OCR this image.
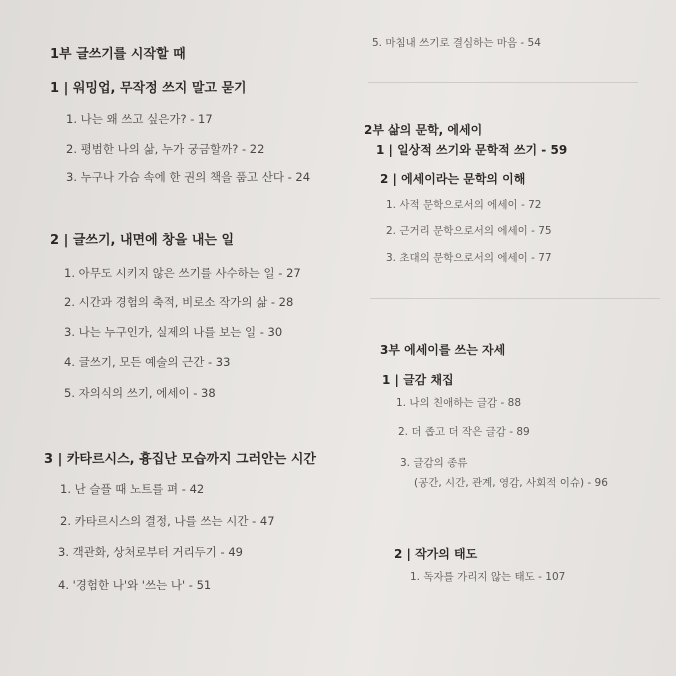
1부 글쓰기를 시작할 때
1 | 워밍업, 무작정 쓰지 말고 묻기
1. 나는 왜 쓰고 싶은가? - 17
2. 평범한 나의 삶, 누가 궁금할까? - 22
3. 누구나 가슴 속에 한 권의 책을 품고 산다 - 24
2 | 글쓰기, 내면에 창을 내는 일
1. 아무도 시키지 않은 쓰기를 사수하는 일 - 27
2. 시간과 경험의 축적, 비로소 작가의 삶 - 28
3. 나는 누구인가, 실제의 나를 보는 일 - 30
4. 글쓰기, 모든 예술의 근간 - 33
5. 자의식의 쓰기, 에세이 - 38
3 | 카타르시스, 흉집난 모습까지 그러안는 시간
1. 난 슬플 때 노트를 펴 - 42
2. 카타르시스의 결정, 나를 쓰는 시간 - 47
3. 객관화, 상처로부터 거리두기 - 49
4. '경험한 나'와 '쓰는 나' - 51
5. 마침내 쓰기로 결심하는 마음 - 54
2부 삶의 문학, 에세이
1 | 일상적 쓰기와 문학적 쓰기 - 59
2 | 에세이라는 문학의 이해
1. 사적 문학으로서의 에세이 - 72
2. 근거리 문학으로서의 에세이 - 75
3. 초대의 문학으로서의 에세이 - 77
3부 에세이를 쓰는 자세
1 | 글감 채집
1. 나의 친애하는 글감 - 88
2. 더 좁고 더 작은 글감 - 89
3. 글감의 종류
(공간, 시간, 관계, 영감, 사회적 이슈) - 96
2 | 작가의 태도
1. 독자를 가리지 않는 태도 - 107
